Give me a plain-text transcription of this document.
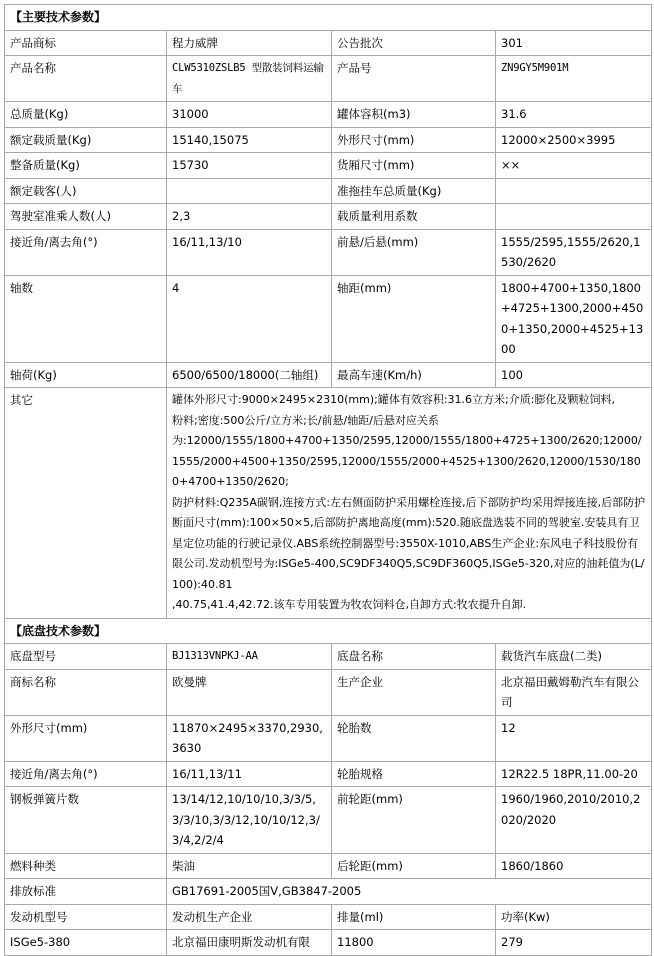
【主要技术参数】			
产品商标	程力威牌	公告批次	301
产品名称	CLW5310ZSLB5 型散装饲料运输车	产品号	ZN9GY5M901M
总质量(Kg)	31000	罐体容积(m3)	31.6
额定载质量(Kg)	15140,15075	外形尺寸(mm)	12000×2500×3995
整备质量(Kg)	15730	货厢尺寸(mm)	××
额定载客(人)		准拖挂车总质量(Kg)	
驾驶室准乘人数(人)	2,3	载质量利用系数	
接近角/离去角(°)	16/11,13/10	前悬/后悬(mm)	1555/2595,1555/2620,1530/2620
轴数	4	轴距(mm)	1800+4700+1350,1800+4725+1300,2000+4500+1350,2000+4525+1300
轴荷(Kg)	6500/6500/18000(二轴组)	最高车速(Km/h)	100
其它	罐体外形尺寸:9000×2495×2310(mm);罐体有效容积:31.6立方米;介质:膨化及颗粒饲料,
粉料;密度:500公斤/立方米;长/前悬/轴距/后悬对应关系
为:12000/1555/1800+4700+1350/2595,12000/1555/1800+4725+1300/2620;12000/1555/2000+4500+1350/2595,12000/1555/2000+4525+1300/2620,12000/1530/1800+4700+1350/2620;
防护材料:Q235A碳钢,连接方式:左右侧面防护采用螺栓连接,后下部防护均采用焊接连接,后部防护断面尺寸(mm):100×50×5,后部防护离地高度(mm):520.随底盘选装不同的驾驶室.安装具有卫星定位功能的行驶记录仪.ABS系统控制器型号:3550X-1010,ABS生产企业:东风电子科技股份有限公司.发动机型号为:ISGe5-400,SC9DF340Q5,SC9DF360Q5,ISGe5-320,对应的油耗值为(L/100):40.81
,40.75,41.4,42.72.该车专用装置为牧农饲料仓,自卸方式:牧农提升自卸.		

【底盘技术参数】			
底盘型号	BJ1313VNPKJ-AA	底盘名称	载货汽车底盘(二类)
商标名称	欧曼牌	生产企业	北京福田戴姆勒汽车有限公司
外形尺寸(mm)	11870×2495×3370,2930,3630	轮胎数	12
接近角/离去角(°)	16/11,13/11	轮胎规格	12R22.5 18PR,11.00-20
钢板弹簧片数	13/14/12,10/10/10,3/3/5,3/3/10,3/3/12,10/10/12,3/3/4,2/2/4	前轮距(mm)	1960/1960,2010/2010,2020/2020
燃料种类	柴油	后轮距(mm)	1860/1860
排放标准	GB17691-2005国V,GB3847-2005		
发动机型号	发动机生产企业	排量(ml)	功率(Kw)
ISGe5-380	北京福田康明斯发动机有限	11800	279
